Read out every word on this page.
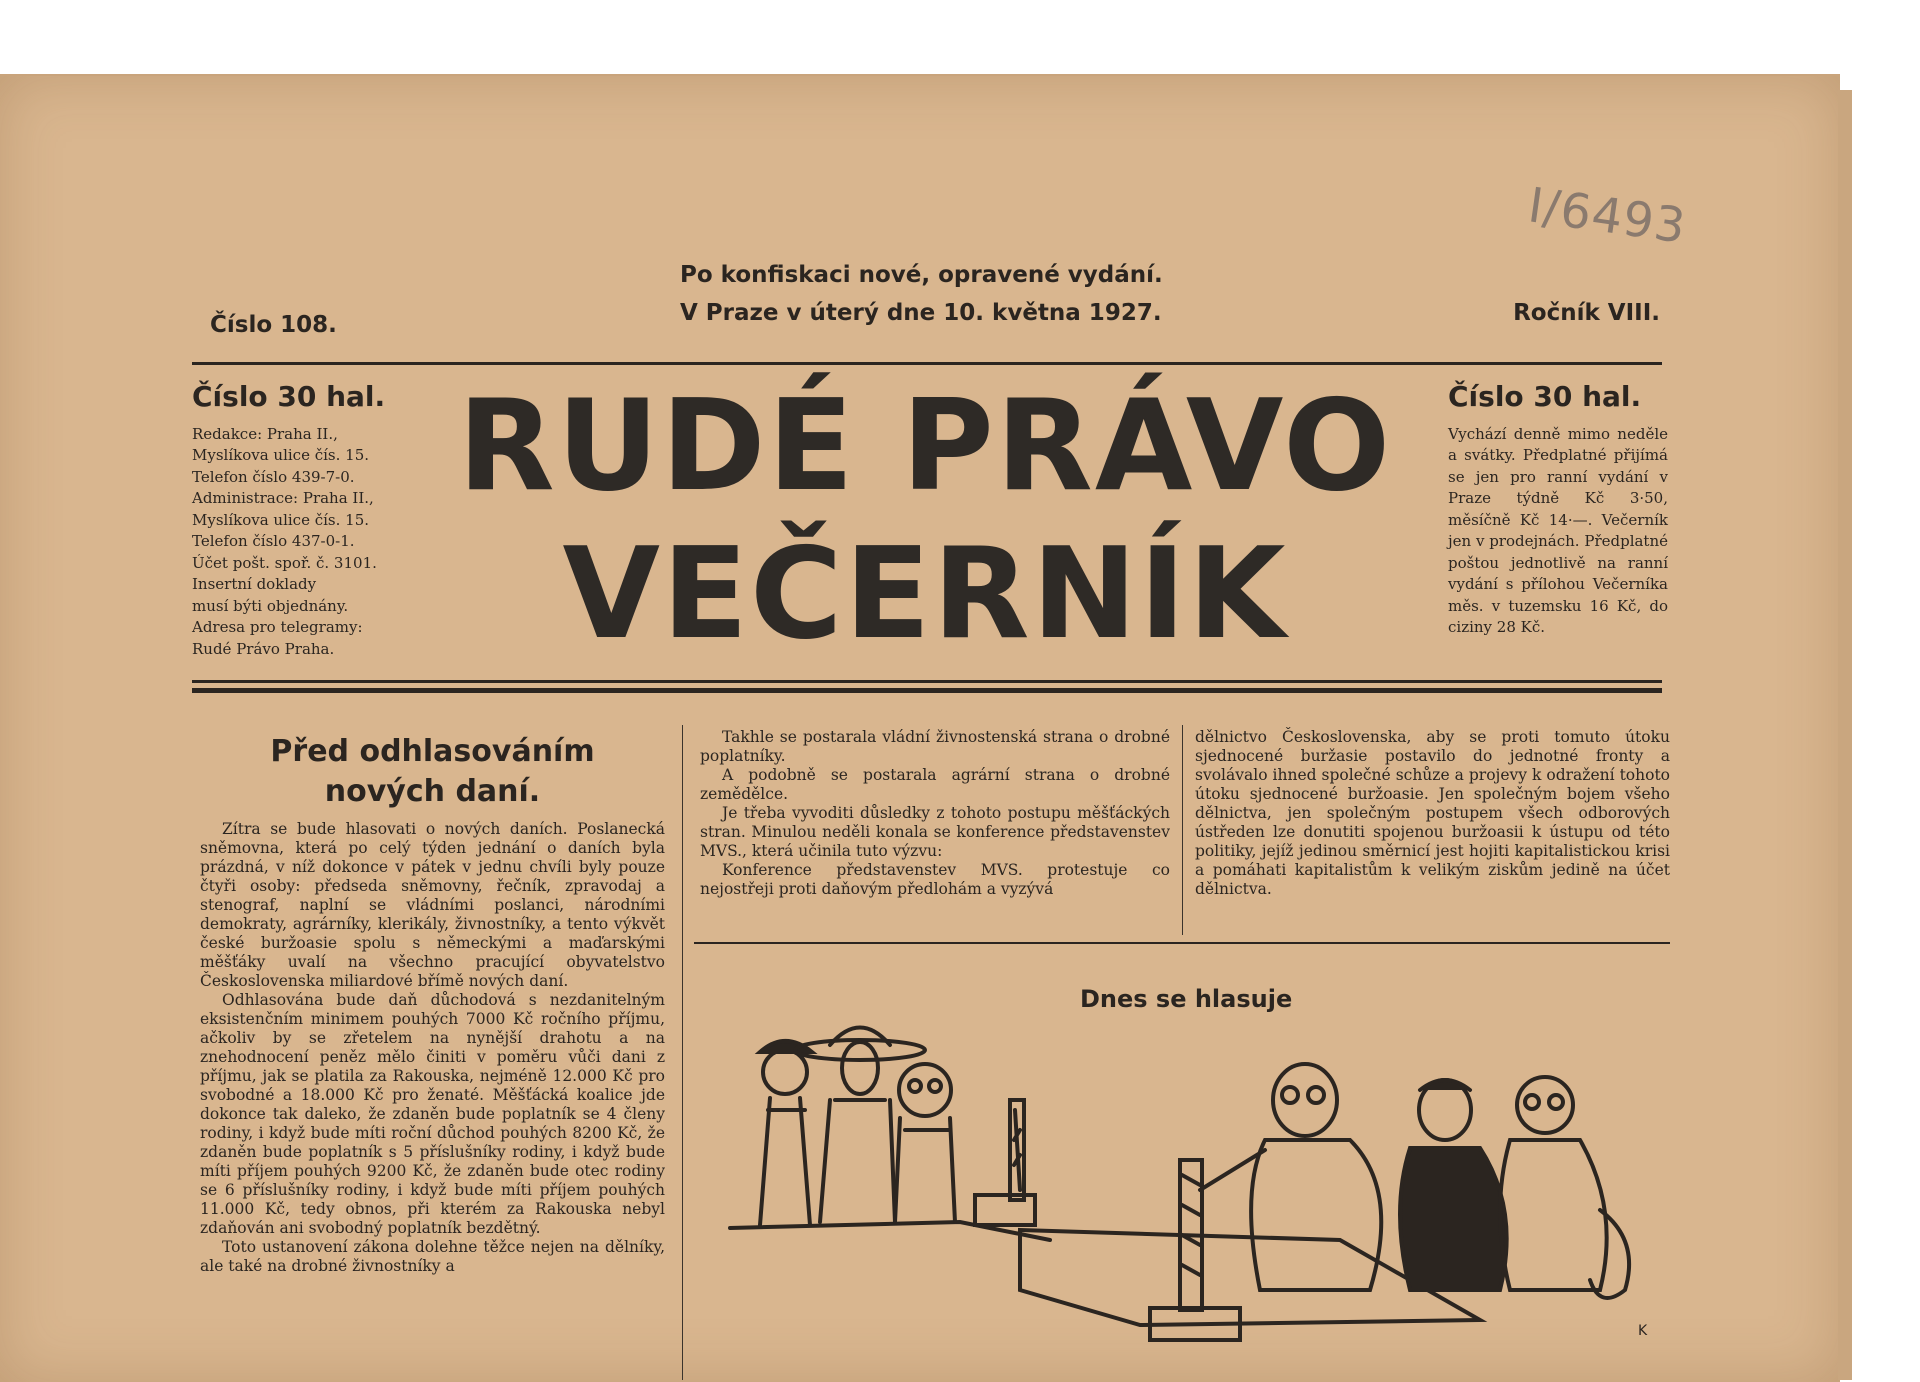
I/6493
Číslo 108.
Po konfiskaci nové, opravené vydání.
V Praze v úterý dne 10. května 1927.	Ročník VIII.
Číslo 30 hal.
Redakce: Praha II.,
Myslíkova ulice čís. 15.
Telefon číslo 439-7-0.
Administrace: Praha II.,
Myslíkova ulice čís. 15.
Telefon číslo 437-0-1.
Účet pošt. spoř. č. 3101.
Insertní doklady
musí býti objednány.
Adresa pro telegramy:
Rudé Právo Praha.
RUDÉ PRÁVO
VEČERNÍK
Číslo 30 hal.
Vychází denně mimo neděle a svátky. Předplatné přijímá se jen pro ranní vydání v Praze týdně Kč 3·50, měsíčně Kč 14·—. Večerník jen v prodejnách. Předplatné poštou jednotlivě na ranní vydání s přílohou Večerníka měs. v tuzemsku 16 Kč, do ciziny 28 Kč.
Před odhlasováním
nových daní.

Zítra se bude hlasovati o nových daních. Poslanecká sněmovna, která po celý týden jednání o daních byla prázdná, v níž dokonce v pátek v jednu chvíli byly pouze čtyři osoby: předseda sněmovny, řečník, zpravodaj a stenograf, naplní se vládními poslanci, národními demokraty, agrárníky, klerikály, živnostníky, a tento výkvět české buržoasie spolu s německými a maďarskými měšťáky uvalí na všechno pracující obyvatelstvo Československa miliardové břímě nových daní.

Odhlasována bude daň důchodová s nezdanitelným eksistenčním minimem pouhých 7000 Kč ročního příjmu, ačkoliv by se zřetelem na nynější drahotu a na znehodnocení peněz mělo činiti v poměru vůči dani z příjmu, jak se platila za Rakouska, nejméně 12.000 Kč pro svobodné a 18.000 Kč pro ženaté. Měšťácká koalice jde dokonce tak daleko, že zdaněn bude poplatník se 4 členy rodiny, i když bude míti roční důchod pouhých 8200 Kč, že zdaněn bude poplatník s 5 příslušníky rodiny, i když bude míti příjem pouhých 9200 Kč, že zdaněn bude otec rodiny se 6 příslušníky rodiny, i když bude míti příjem pouhých 11.000 Kč, tedy obnos, při kterém za Rakouska nebyl zdaňován ani svobodný poplatník bezdětný.

Toto ustanovení zákona dolehne těžce nejen na dělníky, ale také na drobné živnostníky a

Takhle se postarala vládní živnostenská strana o drobné poplatníky.

A podobně se postarala agrární strana o drobné zemědělce.

Je třeba vyvoditi důsledky z tohoto postupu měšťáckých stran. Minulou neděli konala se konference představenstev MVS., která učinila tuto výzvu:

Konference představenstev MVS. protestuje co nejostřeji proti daňovým předlohám a vyzývá

dělnictvo Československa, aby se proti tomuto útoku sjednocené buržasie postavilo do jednotné fronty a svolávalo ihned společné schůze a projevy k odražení tohoto útoku sjednocené buržoasie. Jen společným bojem všeho dělnictva, jen společným postupem všech odborových ústředen lze donutiti spojenou buržoasii k ústupu od této politiky, jejíž jedinou směrnicí jest hojiti kapitalistickou krisi a pomáhati kapitalistům k velikým ziskům jedině na účet dělnictva.

Dnes se hlasuje
K
